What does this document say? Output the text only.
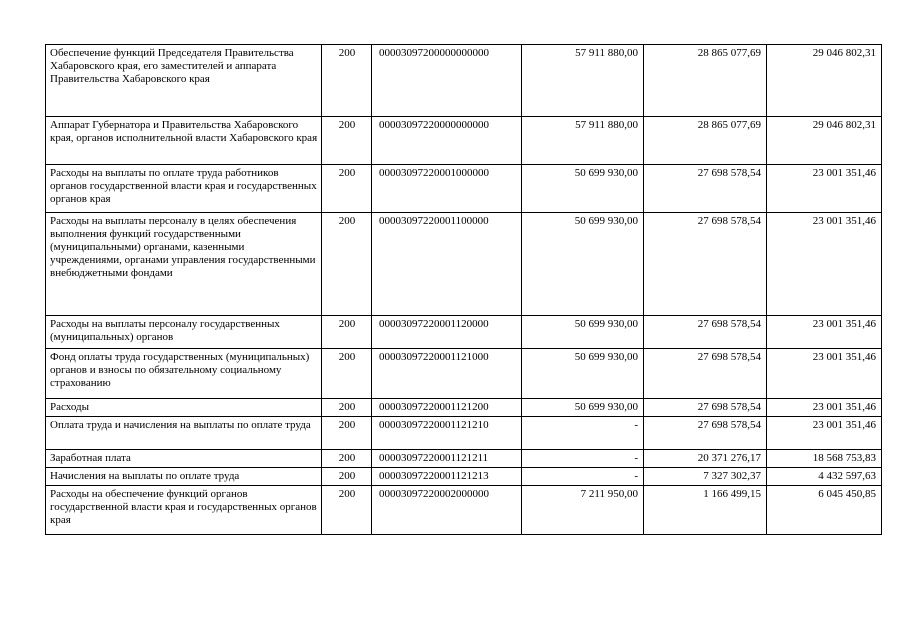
Обеспечение функций Председателя Правительства Хабаровского края, его заместителей и аппарата Правительства Хабаровского края	200	00003097200000000000	57 911 880,00	28 865 077,69	29 046 802,31
Аппарат Губернатора и Правительства Хабаровского края, органов исполнительной власти Хабаровского края	200	00003097220000000000	57 911 880,00	28 865 077,69	29 046 802,31
Расходы на выплаты по оплате труда работников органов государственной власти края и государственных органов края	200	00003097220001000000	50 699 930,00	27 698 578,54	23 001 351,46
Расходы на выплаты персоналу в целях обеспечения выполнения функций государственными (муниципальными) органами, казенными учреждениями, органами управления государственными внебюджетными фондами	200	00003097220001100000	50 699 930,00	27 698 578,54	23 001 351,46
Расходы на выплаты персоналу государственных (муниципальных) органов	200	00003097220001120000	50 699 930,00	27 698 578,54	23 001 351,46
Фонд оплаты труда государственных (муниципальных) органов и взносы по обязательному социальному страхованию	200	00003097220001121000	50 699 930,00	27 698 578,54	23 001 351,46
Расходы	200	00003097220001121200	50 699 930,00	27 698 578,54	23 001 351,46
Оплата труда и начисления на выплаты по оплате труда	200	00003097220001121210	-	27 698 578,54	23 001 351,46
Заработная плата	200	00003097220001121211	-	20 371 276,17	18 568 753,83
Начисления на выплаты по оплате труда	200	00003097220001121213	-	7 327 302,37	4 432 597,63
Расходы на обеспечение функций органов государственной власти края и государственных органов края	200	00003097220002000000	7 211 950,00	1 166 499,15	6 045 450,85
